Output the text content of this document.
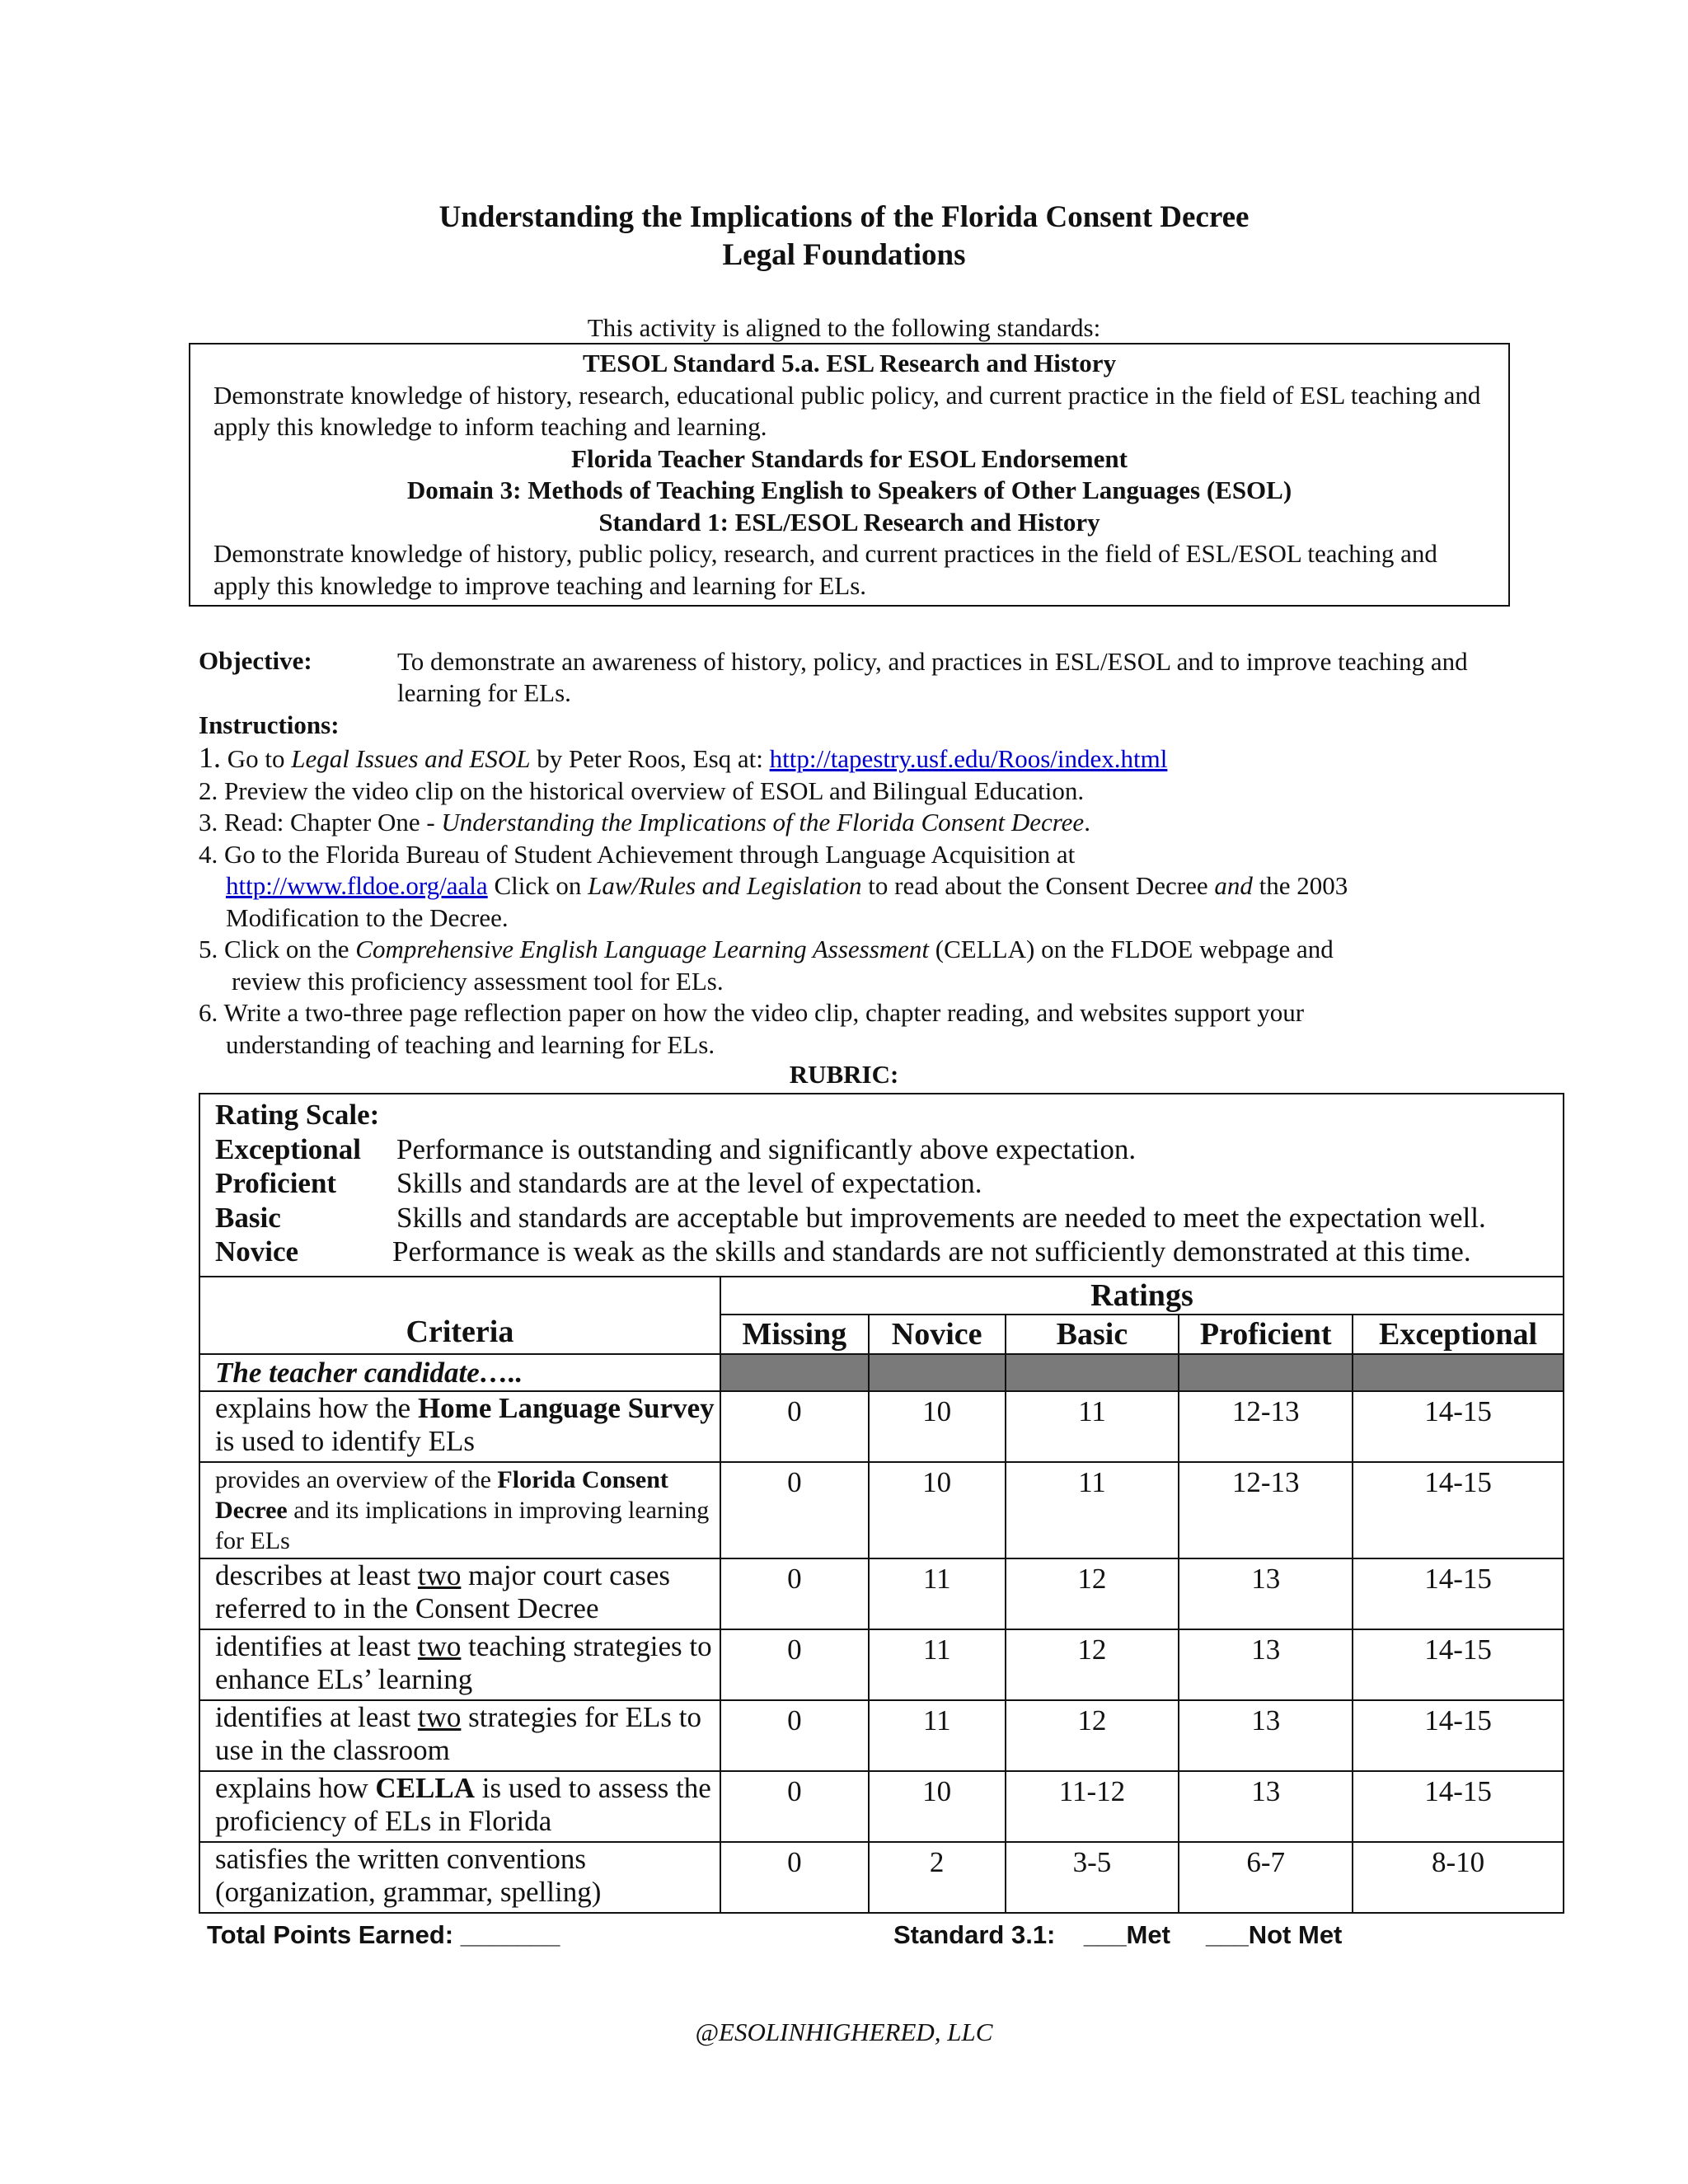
Understanding the Implications of the Florida Consent Decree
Legal Foundations
This activity is aligned to the following standards:
TESOL Standard 5.a. ESL Research and History
Demonstrate knowledge of history, research, educational public policy, and current practice in the field of ESL teaching and apply this knowledge to inform teaching and learning.
Florida Teacher Standards for ESOL Endorsement
Domain 3: Methods of Teaching English to Speakers of Other Languages (ESOL)
Standard 1: ESL/ESOL Research and History
Demonstrate knowledge of history, public policy, research, and current practices in the field of ESL/ESOL teaching and apply this knowledge to improve teaching and learning for ELs.
Objective:	To demonstrate an awareness of history, policy, and practices in ESL/ESOL and to improve teaching and learning for ELs.
Instructions:
1. Go to Legal Issues and ESOL by Peter Roos, Esq at: http://tapestry.usf.edu/Roos/index.html
2. Preview the video clip on the historical overview of ESOL and Bilingual Education.
3. Read: Chapter One - Understanding the Implications of the Florida Consent Decree.
4. Go to the Florida Bureau of Student Achievement through Language Acquisition at
http://www.fldoe.org/aala Click on Law/Rules and Legislation to read about the Consent Decree and the 2003
Modification to the Decree.
5. Click on the Comprehensive English Language Learning Assessment (CELLA) on the FLDOE webpage and
review this proficiency assessment tool for ELs.
6. Write a two-three page reflection paper on how the video clip, chapter reading, and websites support your
understanding of teaching and learning for ELs.
RUBRIC:
Rating Scale:
Exceptional	Performance is outstanding and significantly above expectation.
Proficient	Skills and standards are at the level of expectation.
Basic	Skills and standards are acceptable but improvements are needed to meet the expectation well.
Novice	Performance is weak as the skills and standards are not sufficiently demonstrated at this time.
Criteria	Ratings				
	Missing	Novice	Basic	Proficient	Exceptional
The teacher candidate…..					
explains how the Home Language Survey is used to identify ELs	0	10	11	12-13	14-15
provides an overview of the Florida Consent Decree and its implications in improving learning for ELs	0	10	11	12-13	14-15
describes at least two major court cases referred to in the Consent Decree	0	11	12	13	14-15
identifies at least two teaching strategies to enhance ELs’ learning	0	11	12	13	14-15
identifies at least two strategies for ELs to use in the classroom	0	11	12	13	14-15
explains how CELLA is used to assess the proficiency of ELs in Florida	0	10	11-12	13	14-15
satisfies the written conventions (organization, grammar, spelling)	0	2	3-5	6-7	8-10
Total Points Earned: _______	Standard 3.1:    ___Met     ___Not Met
@ESOLINHIGHERED, LLC
